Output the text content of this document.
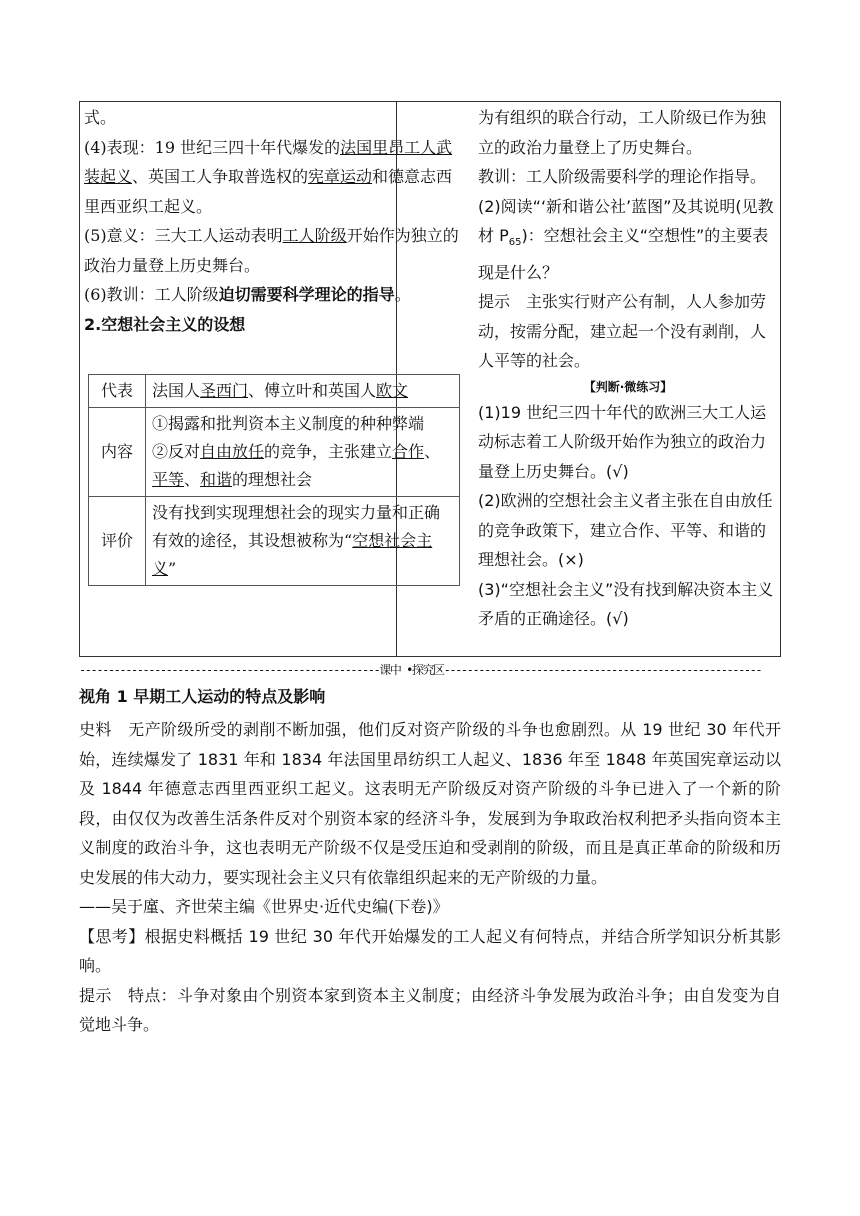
式。

(4)表现：19 世纪三四十年代爆发的法国里昂工人武装起义、英国工人争取普选权的宪章运动和德意志西里西亚织工起义。

(5)意义：三大工人运动表明工人阶级开始作为独立的政治力量登上历史舞台。

(6)教训：工人阶级迫切需要科学理论的指导。

2.空想社会主义的设想

代表	法国人圣西门、傅立叶和英国人欧文
内容	①揭露和批判资本主义制度的种种弊端
②反对自由放任的竞争，主张建立合作、平等、和谐的理想社会

评价	没有找到实现理想社会的现实力量和正确有效的途径，其设想被称为“空想社会主义”

为有组织的联合行动，工人阶级已作为独立的政治力量登上了历史舞台。

教训：工人阶级需要科学的理论作指导。

(2)阅读“‘新和谐公社’蓝图”及其说明(见教材 $P_{65}$)：空想社会主义“空想性”的主要表现是什么？

提示　主张实行财产公有制，人人参加劳动，按需分配，建立起一个没有剥削，人人平等的社会。

【判断·微练习】

(1)19 世纪三四十年代的欧洲三大工人运动标志着工人阶级开始作为独立的政治力量登上历史舞台。(√)

(2)欧洲的空想社会主义者主张在自由放任的竞争政策下，建立合作、平等、和谐的理想社会。(×)

(3)“空想社会主义”没有找到解决资本主义矛盾的正确途径。(√)

----------------------------------------------------课中 •探究区-------------------------------------------------------
视角 1 早期工人运动的特点及影响

史料　无产阶级所受的剥削不断加强，他们反对资产阶级的斗争也愈剧烈。从 19 世纪 30 年代开始，连续爆发了 1831 年和 1834 年法国里昂纺织工人起义、1836 年至 1848 年英国宪章运动以及 1844 年德意志西里西亚织工起义。这表明无产阶级反对资产阶级的斗争已进入了一个新的阶段，由仅仅为改善生活条件反对个别资本家的经济斗争，发展到为争取政治权利把矛头指向资本主义制度的政治斗争，这也表明无产阶级不仅是受压迫和受剥削的阶级，而且是真正革命的阶级和历史发展的伟大动力，要实现社会主义只有依靠组织起来的无产阶级的力量。

——吴于廑、齐世荣主编《世界史·近代史编(下卷)》

【思考】根据史料概括 19 世纪 30 年代开始爆发的工人起义有何特点，并结合所学知识分析其影响。

提示　特点：斗争对象由个别资本家到资本主义制度；由经济斗争发展为政治斗争；由自发变为自觉地斗争。
